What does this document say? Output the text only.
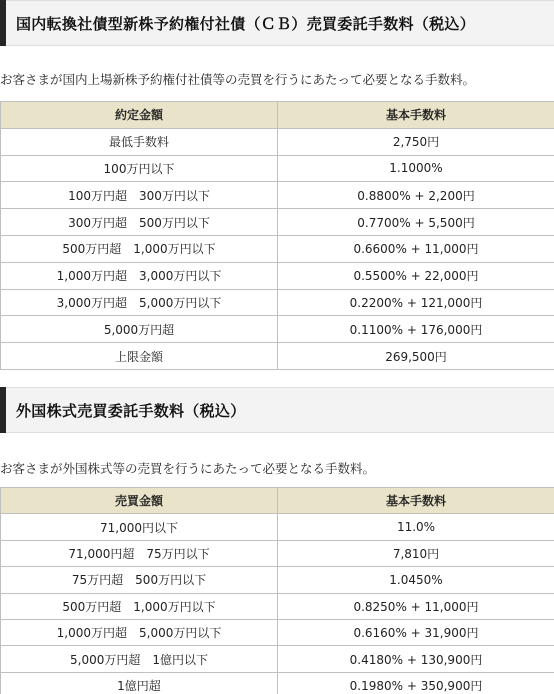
国内転換社債型新株予約権付社債（ＣＢ）売買委託手数料（税込）

お客さまが国内上場新株予約権付社債等の売買を行うにあたって必要となる手数料。

約定金額	基本手数料
最低手数料	2,750円
100万円以下	1.1000%
100万円超　300万円以下	0.8800% + 2,200円
300万円超　500万円以下	0.7700% + 5,500円
500万円超　1,000万円以下	0.6600% + 11,000円
1,000万円超　3,000万円以下	0.5500% + 22,000円
3,000万円超　5,000万円以下	0.2200% + 121,000円
5,000万円超	0.1100% + 176,000円
上限金額	269,500円
外国株式売買委託手数料（税込）

お客さまが外国株式等の売買を行うにあたって必要となる手数料。

売買金額	基本手数料
71,000円以下	11.0%
71,000円超　75万円以下	7,810円
75万円超　500万円以下	1.0450%
500万円超　1,000万円以下	0.8250% + 11,000円
1,000万円超　5,000万円以下	0.6160% + 31,900円
5,000万円超　1億円以下	0.4180% + 130,900円
1億円超	0.1980% + 350,900円
